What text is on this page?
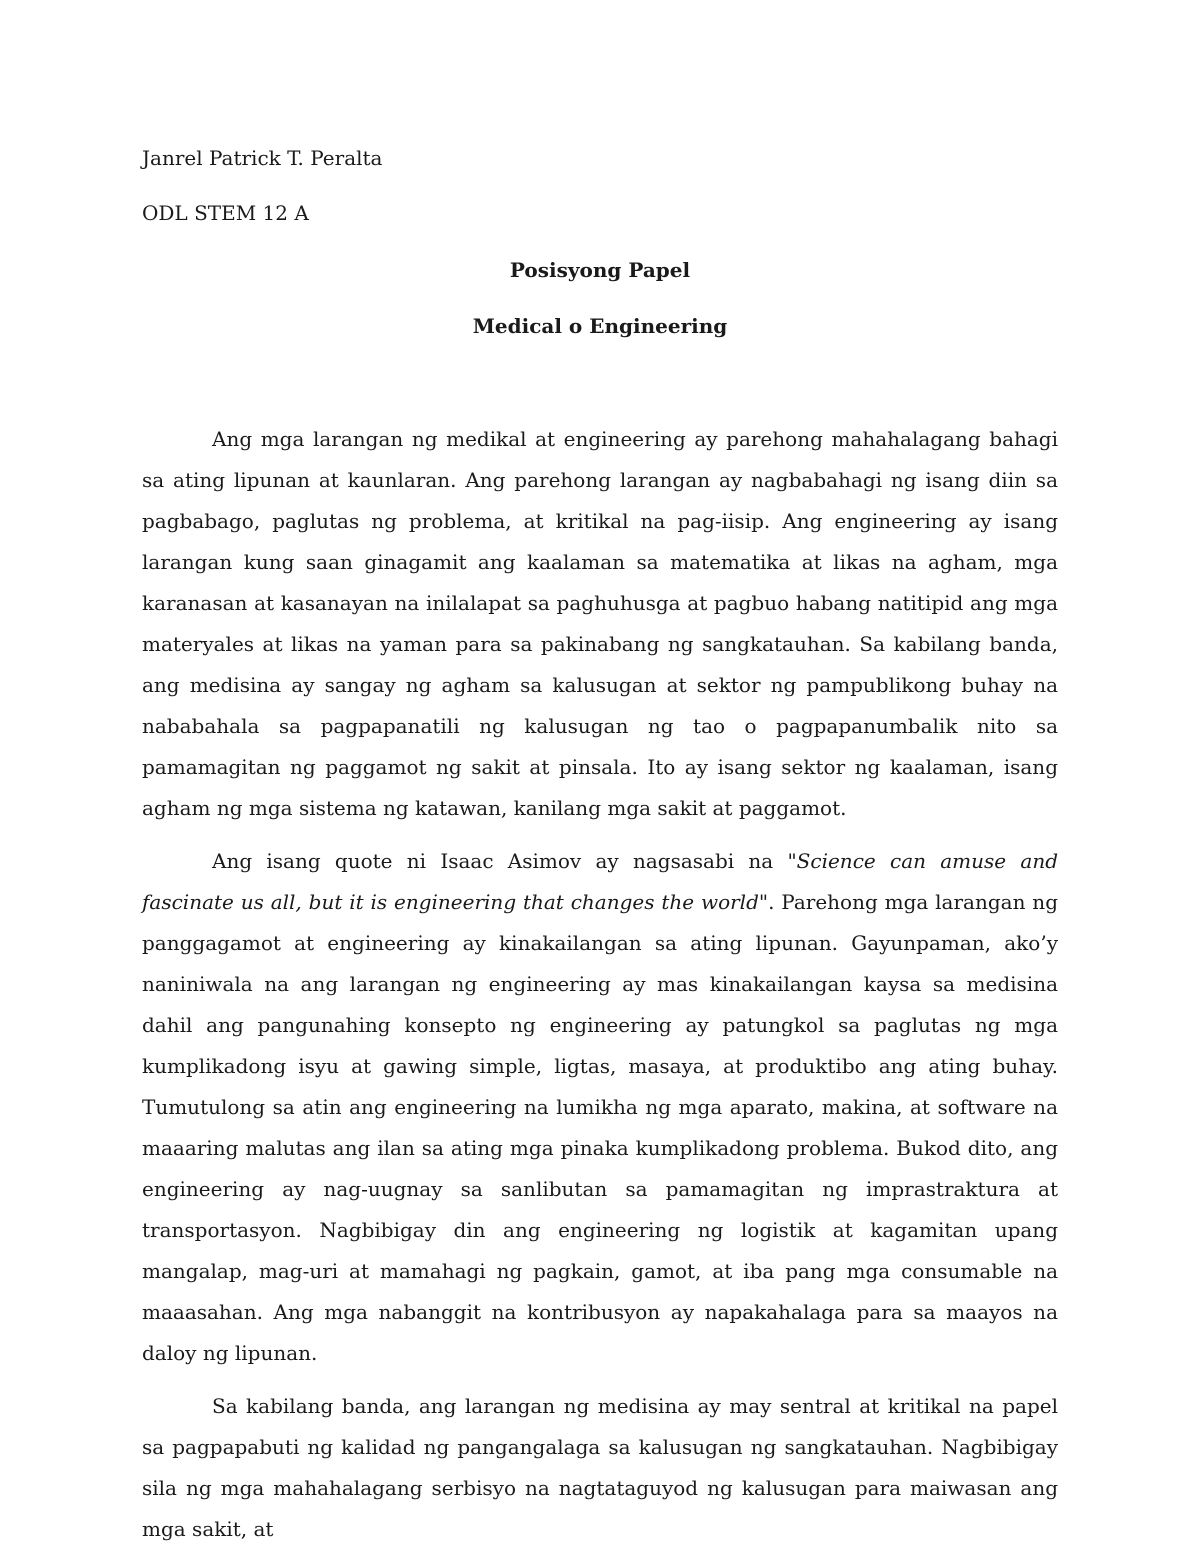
Janrel Patrick T. Peralta
ODL STEM 12 A
Posisyong Papel
Medical o Engineering

Ang mga larangan ng medikal at engineering ay parehong mahahalagang bahagi sa ating lipunan at kaunlaran. Ang parehong larangan ay nagbabahagi ng isang diin sa pagbabago, paglutas ng problema, at kritikal na pag-iisip. Ang engineering ay isang larangan kung saan ginagamit ang kaalaman sa matematika at likas na agham, mga karanasan at kasanayan na inilalapat sa paghuhusga at pagbuo habang natitipid ang mga materyales at likas na yaman para sa pakinabang ng sangkatauhan. Sa kabilang banda, ang medisina ay sangay ng agham sa kalusugan at sektor ng pampublikong buhay na nababahala sa pagpapanatili ng kalusugan ng tao o pagpapanumbalik nito sa pamamagitan ng paggamot ng sakit at pinsala. Ito ay isang sektor ng kaalaman, isang agham ng mga sistema ng katawan, kanilang mga sakit at paggamot.

Ang isang quote ni Isaac Asimov ay nagsasabi na "Science can amuse and fascinate us all, but it is engineering that changes the world". Parehong mga larangan ng panggagamot at engineering ay kinakailangan sa ating lipunan. Gayunpaman, ako’y naniniwala na ang larangan ng engineering ay mas kinakailangan kaysa sa medisina dahil ang pangunahing konsepto ng engineering ay patungkol sa paglutas ng mga kumplikadong isyu at gawing simple, ligtas, masaya, at produktibo ang ating buhay. Tumutulong sa atin ang engineering na lumikha ng mga aparato, makina, at software na maaaring malutas ang ilan sa ating mga pinaka kumplikadong problema. Bukod dito, ang engineering ay nag-uugnay sa sanlibutan sa pamamagitan ng imprastraktura at transportasyon. Nagbibigay din ang engineering ng logistik at kagamitan upang mangalap, mag-uri at mamahagi ng pagkain, gamot, at iba pang mga consumable na maaasahan. Ang mga nabanggit na kontribusyon ay napakahalaga para sa maayos na daloy ng lipunan.

Sa kabilang banda, ang larangan ng medisina ay may sentral at kritikal na papel sa pagpapabuti ng kalidad ng pangangalaga sa kalusugan ng sangkatauhan. Nagbibigay sila ng mga mahahalagang serbisyo na nagtataguyod ng kalusugan para maiwasan ang mga sakit, at
